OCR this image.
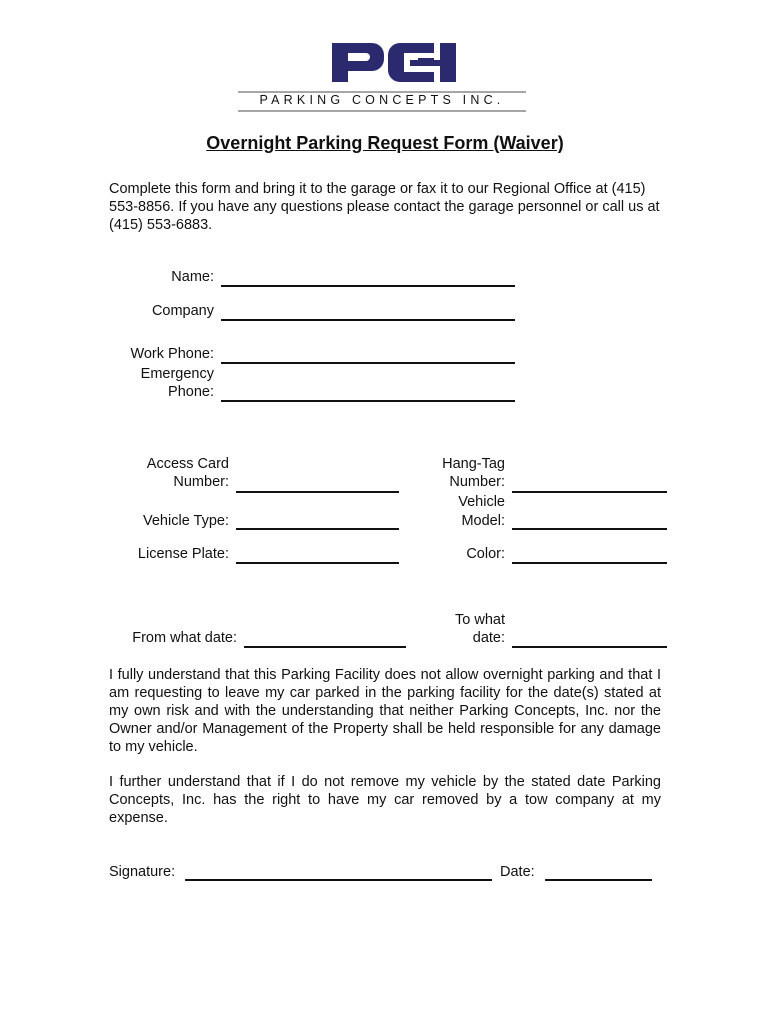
PARKING CONCEPTS INC.
Overnight Parking Request Form (Waiver)
Complete this form and bring it to the garage or fax it to our Regional Office at (415) 553-8856. If you have any questions please contact the garage personnel or call us at (415) 553-6883.
Name:
Company
Work Phone:
Emergency
Phone:
Access Card
Number:
Vehicle Type:
License Plate:
Hang-Tag
Number:
Vehicle
Model:
Color:
From what date:
To what
date:
I fully understand that this Parking Facility does not allow overnight parking and that I am requesting to leave my car parked in the parking facility for the date(s) stated at my own risk and with the understanding that neither Parking Concepts, Inc. nor the Owner and/or Management of the Property shall be held responsible for any damage to my vehicle.
I further understand that if I do not remove my vehicle by the stated date Parking Concepts, Inc. has the right to have my car removed by a tow company at my expense.
Signature:	Date:
